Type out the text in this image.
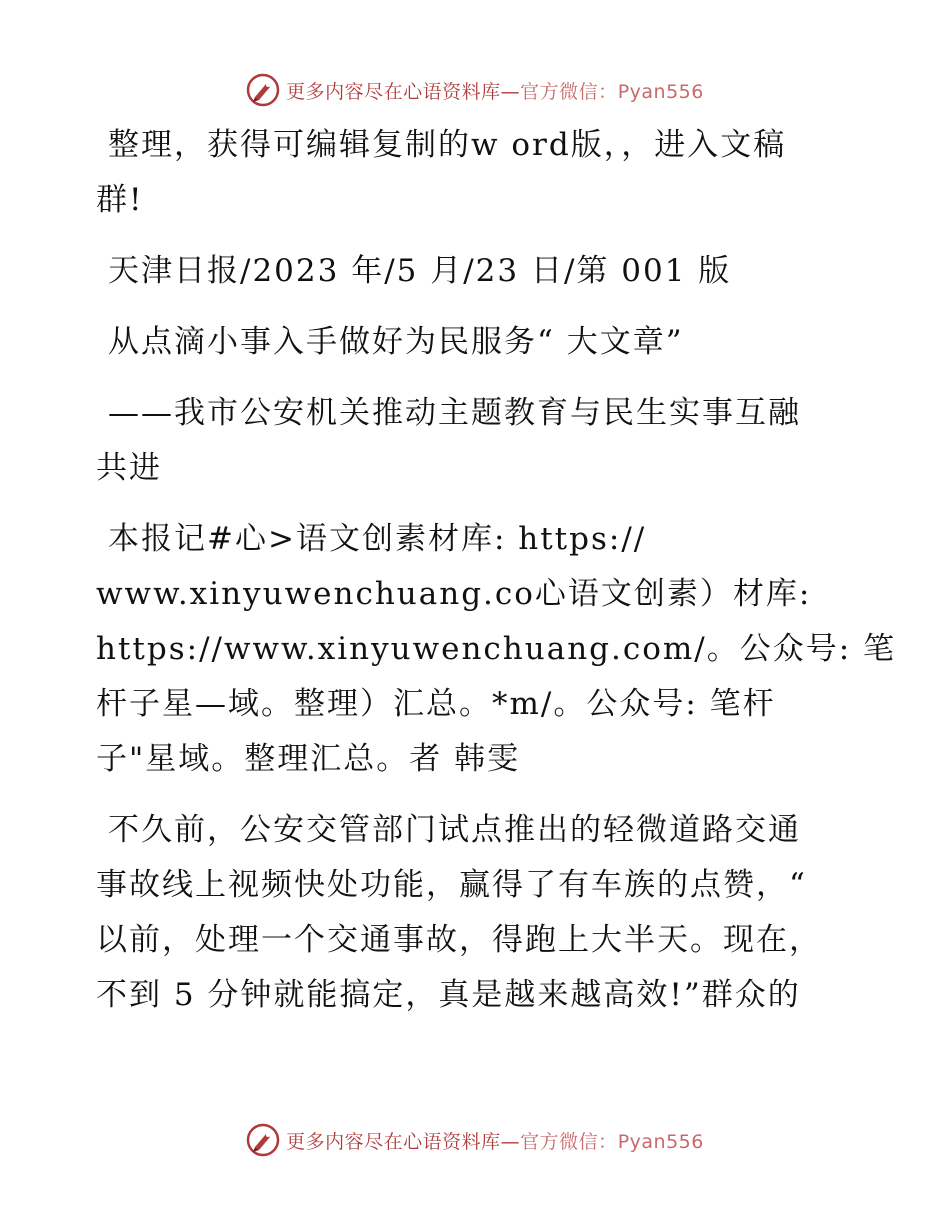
更多内容尽在心语资料库—官方微信：Pyan556

整理，获得可编辑复制的w ord版，，进入文稿
群!

天津日报/2023 年/5 月/23 日/第 001 版

从点滴小事入手做好为民服务“ 大文章”

——我市公安机关推动主题教育与民生实事互融
共进

本报记#心>语文创素材库: https://
www.xinyuwenchuang.co心语文创素）材库:
https://www.xinyuwenchuang.com/。公众号: 笔
杆子星—域。整理）汇总。*m/。公众号: 笔杆
子"星域。整理汇总。者 韩雯

不久前，公安交管部门试点推出的轻微道路交通
事故线上视频快处功能，赢得了有车族的点赞，“
以前，处理一个交通事故，得跑上大半天。现在，
不到 5 分钟就能搞定，真是越来越高效!”群众的

更多内容尽在心语资料库—官方微信：Pyan556
